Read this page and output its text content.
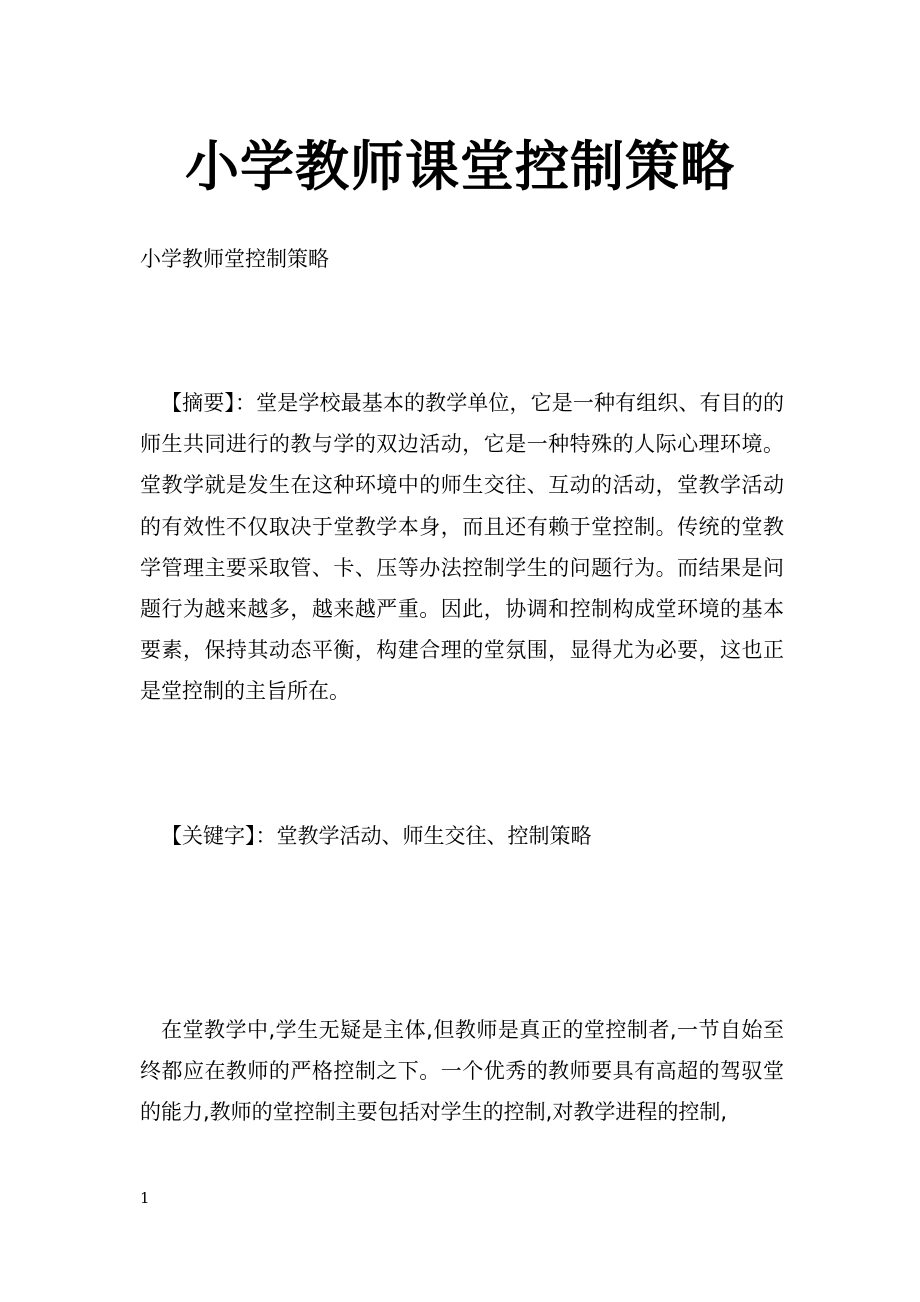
小学教师课堂控制策略

小学教师堂控制策略

【摘要】：堂是学校最基本的教学单位，它是一种有组织、有目的的师生共同进行的教与学的双边活动，它是一种特殊的人际心理环境。堂教学就是发生在这种环境中的师生交往、互动的活动，堂教学活动的有效性不仅取决于堂教学本身，而且还有赖于堂控制。传统的堂教学管理主要采取管、卡、压等办法控制学生的问题行为。而结果是问题行为越来越多，越来越严重。因此，协调和控制构成堂环境的基本要素，保持其动态平衡，构建合理的堂氛围，显得尤为必要，这也正是堂控制的主旨所在。

【关键字】：堂教学活动、师生交往、控制策略

在堂教学中,学生无疑是主体,但教师是真正的堂控制者,一节自始至终都应在教师的严格控制之下。一个优秀的教师要具有高超的驾驭堂的能力,教师的堂控制主要包括对学生的控制,对教学进程的控制,

1
